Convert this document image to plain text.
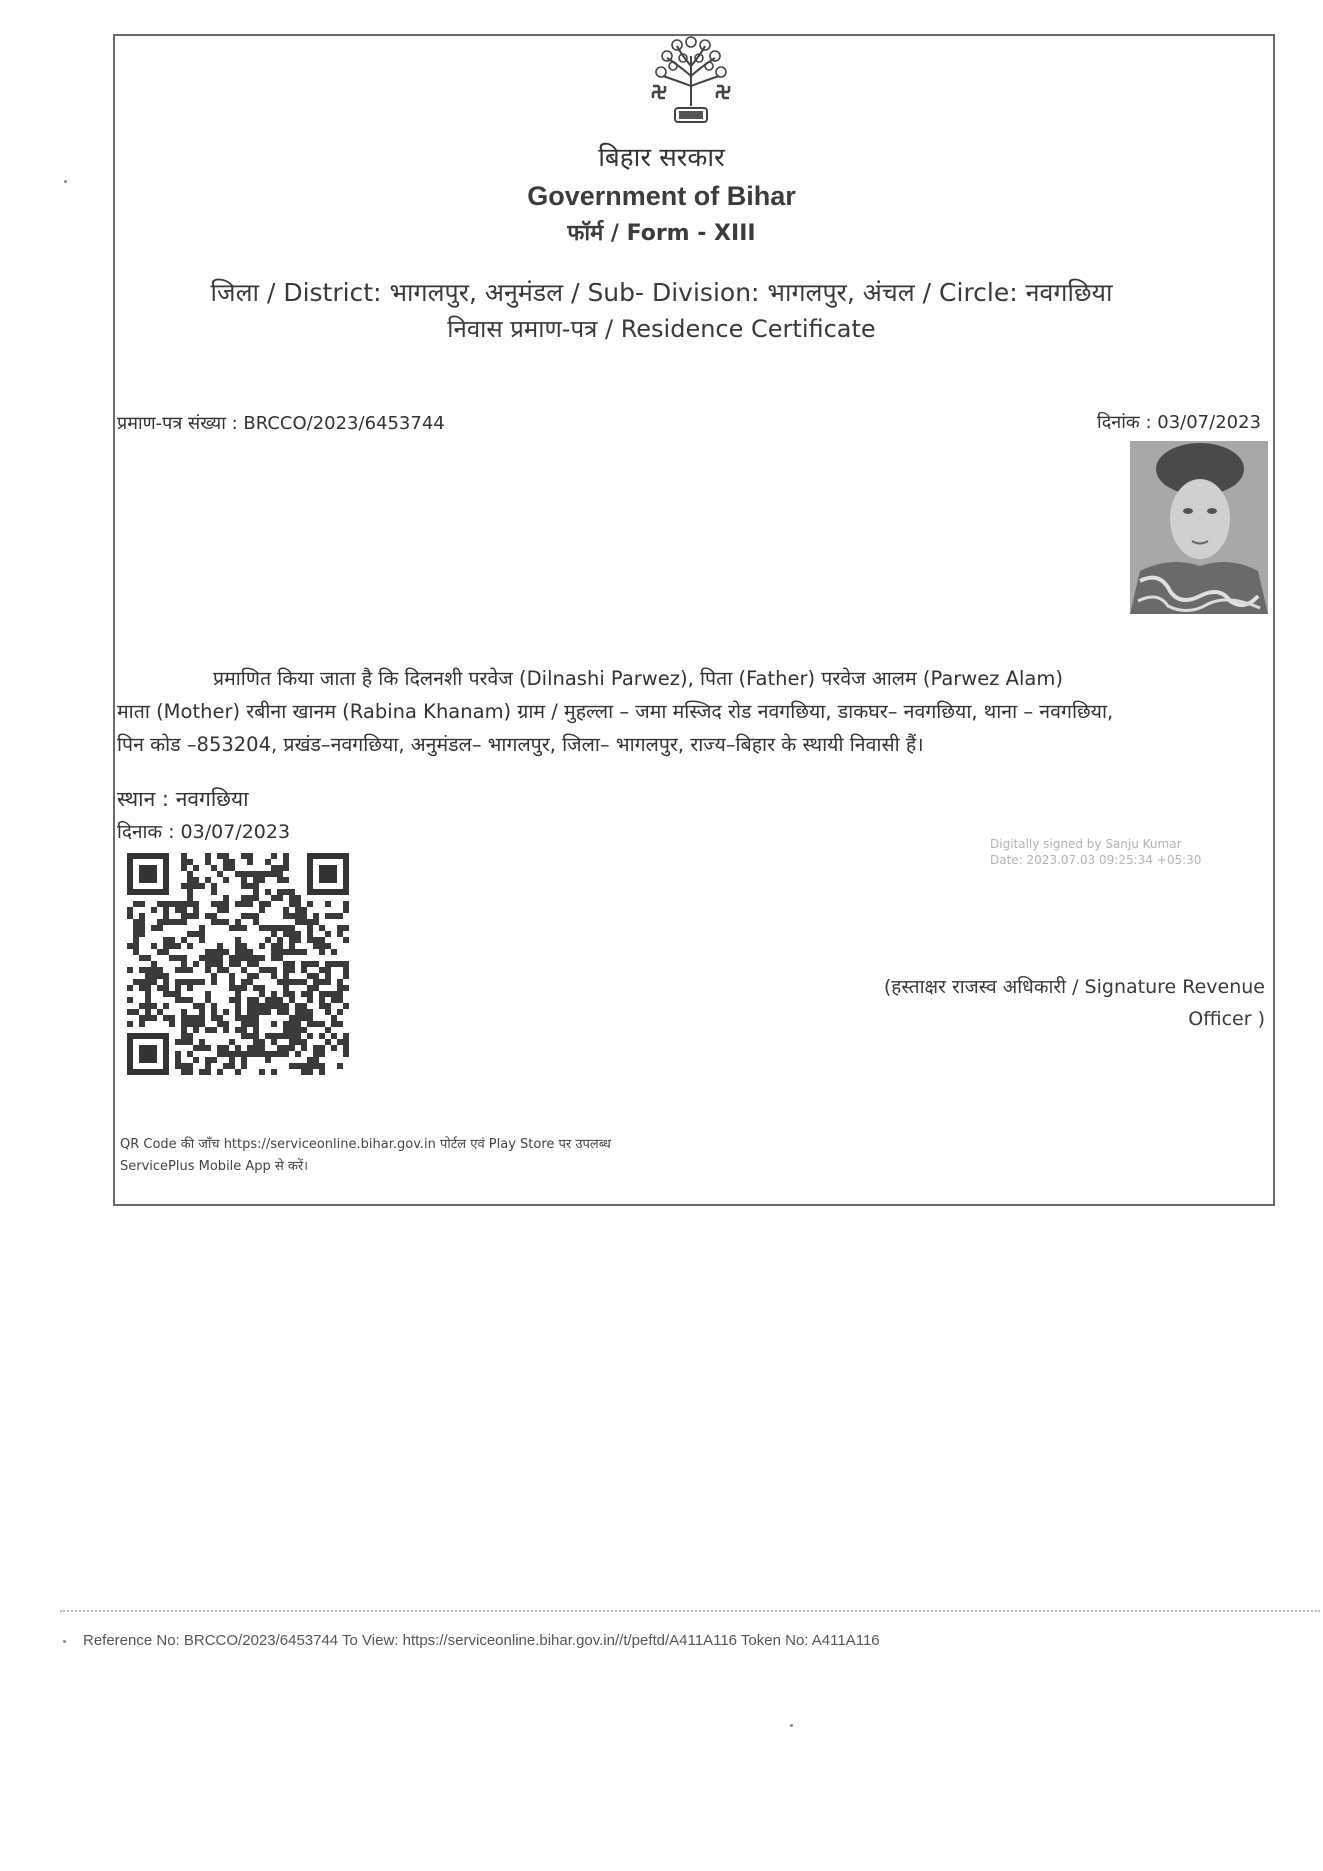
बिहार सरकार
Government of Bihar
फॉर्म / Form - XIII
जिला / District: भागलपुर, अनुमंडल / Sub- Division: भागलपुर, अंचल / Circle: नवगछिया
निवास प्रमाण-पत्र / Residence Certificate
प्रमाण-पत्र संख्या : BRCCO/2023/6453744	दिनांक : 03/07/2023

प्रमाणित किया जाता है कि दिलनशी परवेज (Dilnashi Parwez), पिता (Father) परवेज आलम (Parwez Alam)

माता (Mother) रबीना खानम (Rabina Khanam) ग्राम / मुहल्ला – जमा मस्जिद रोड नवगछिया, डाकघर– नवगछिया, थाना – नवगछिया,

पिन कोड –853204, प्रखंड–नवगछिया, अनुमंडल– भागलपुर, जिला– भागलपुर, राज्य–बिहार के स्थायी निवासी हैं।

स्थान : नवगछिया
दिनाक : 03/07/2023
Digitally signed by Sanju Kumar
Date: 2023.07.03 09:25:34 +05:30
(हस्ताक्षर राजस्व अधिकारी / Signature Revenue
Officer )
QR Code की जाँच https://serviceonline.bihar.gov.in पोर्टल एवं Play Store पर उपलब्ध
ServicePlus Mobile App से करें।
Reference No: BRCCO/2023/6453744 To View: https://serviceonline.bihar.gov.in//t/peftd/A411A116 Token No: A411A116
